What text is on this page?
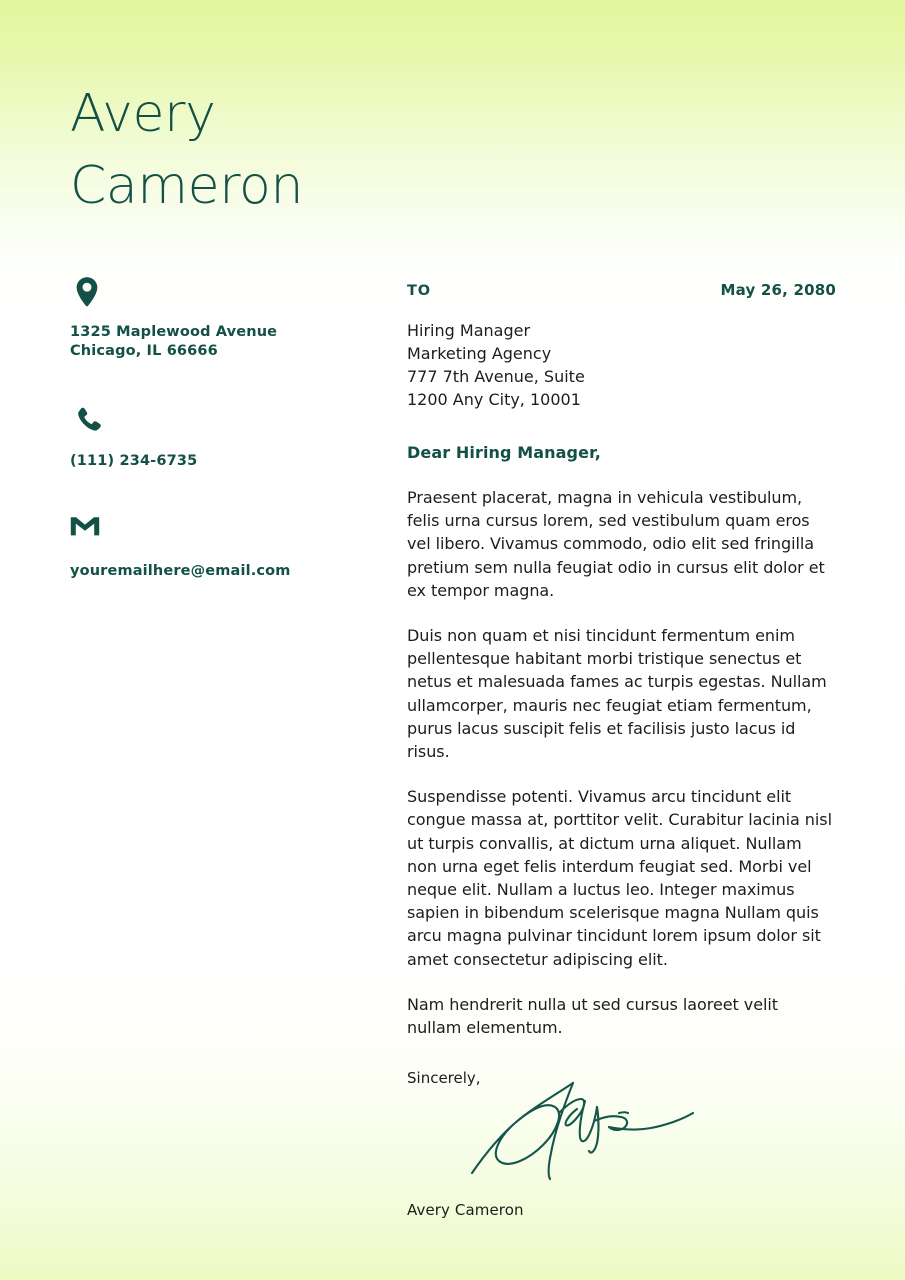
Avery
Cameron
1325 Maplewood Avenue
Chicago, IL 66666
(111) 234-6735
youremailhere@email.com
TO	May 26, 2080
Hiring Manager
Marketing Agency
777 7th Avenue, Suite
1200 Any City, 10001
Dear Hiring Manager,

Praesent placerat, magna in vehicula vestibulum, felis urna cursus lorem, sed vestibulum quam eros vel libero. Vivamus commodo, odio elit sed fringilla pretium sem nulla feugiat odio in cursus elit dolor et ex tempor magna.

Duis non quam et nisi tincidunt fermentum enim pellentesque habitant morbi tristique senectus et netus et malesuada fames ac turpis egestas. Nullam ullamcorper, mauris nec feugiat etiam fermentum, purus lacus suscipit felis et facilisis justo lacus id risus.

Suspendisse potenti. Vivamus arcu tincidunt elit congue massa at, porttitor velit. Curabitur lacinia nisl ut turpis convallis, at dictum urna aliquet. Nullam non urna eget felis interdum feugiat sed. Morbi vel neque elit. Nullam a luctus leo. Integer maximus sapien in bibendum scelerisque magna Nullam quis arcu magna pulvinar tincidunt lorem ipsum dolor sit amet consectetur adipiscing elit.

Nam hendrerit nulla ut sed cursus laoreet velit nullam elementum.

Sincerely,
Avery Cameron
